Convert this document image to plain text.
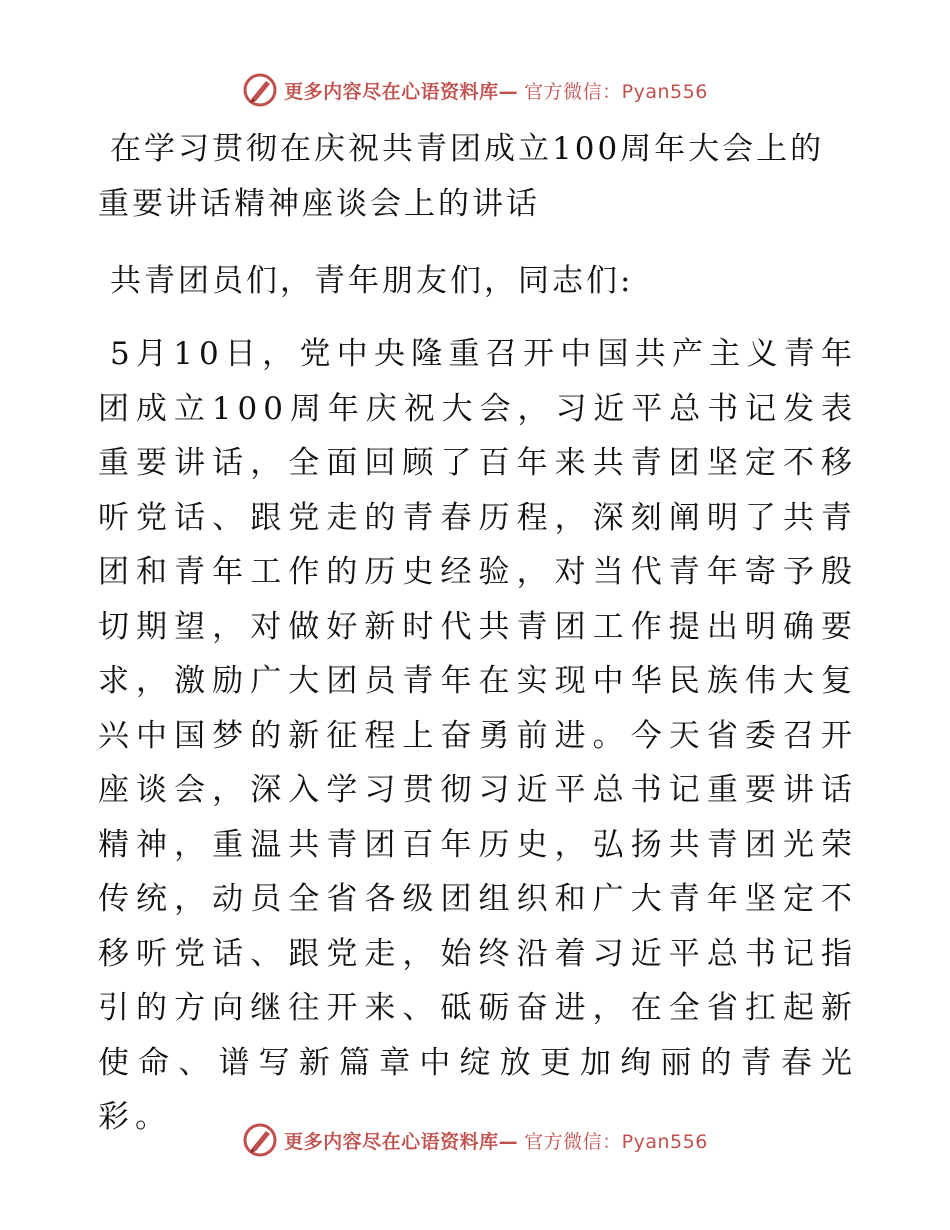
更多内容尽在心语资料库— 官方微信：Pyan556
在学习贯彻在庆祝共青团成立100周年大会上的重要讲话精神座谈会上的讲话

共青团员们，青年朋友们，同志们:

5月10日，党中央隆重召开中国共产主义青年团成立100周年庆祝大会，习近平总书记发表重要讲话，全面回顾了百年来共青团坚定不移听党话、跟党走的青春历程，深刻阐明了共青团和青年工作的历史经验，对当代青年寄予殷切期望，对做好新时代共青团工作提出明确要求，激励广大团员青年在实现中华民族伟大复兴中国梦的新征程上奋勇前进。今天省委召开座谈会，深入学习贯彻习近平总书记重要讲话精神，重温共青团百年历史，弘扬共青团光荣传统，动员全省各级团组织和广大青年坚定不移听党话、跟党走，始终沿着习近平总书记指引的方向继往开来、砥砺奋进，在全省扛起新使命、谱写新篇章中绽放更加绚丽的青春光彩。

更多内容尽在心语资料库— 官方微信：Pyan556
